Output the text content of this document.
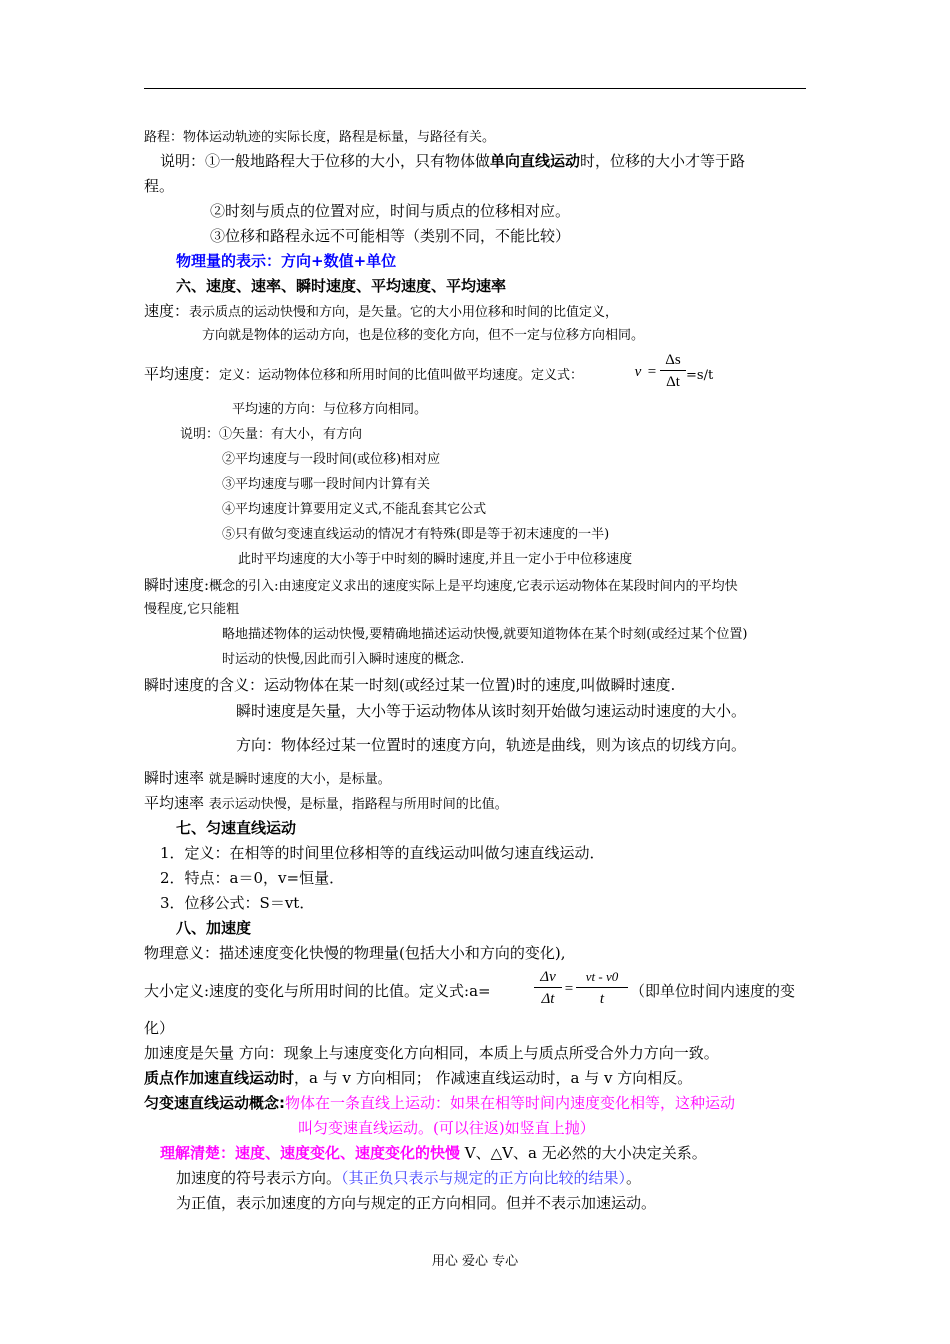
路程：物体运动轨迹的实际长度，路程是标量，与路径有关。
说明：①一般地路程大于位移的大小，只有物体做单向直线运动时，位移的大小才等于路
程。
②时刻与质点的位置对应，时间与质点的位移相对应。
③位移和路程永远不可能相等（类别不同，不能比较）
物理量的表示：方向+数值+单位
六、速度、速率、瞬时速度、平均速度、平均速率
速度：表示质点的运动快慢和方向，是矢量。它的大小用位移和时间的比值定义，
方向就是物体的运动方向，也是位移的变化方向，但不一定与位移方向相同。
平均速度：定义：运动物体位移和所用时间的比值叫做平均速度。定义式：	$v = \frac{\Delta s}{\Delta t} =s/t$
平均速的方向：与位移方向相同。
说明：①矢量：有大小，有方向
②平均速度与一段时间(或位移)相对应
③平均速度与哪一段时间内计算有关
④平均速度计算要用定义式,不能乱套其它公式
⑤只有做匀变速直线运动的情况才有特殊(即是等于初末速度的一半)
此时平均速度的大小等于中时刻的瞬时速度,并且一定小于中位移速度
瞬时速度:概念的引入:由速度定义求出的速度实际上是平均速度,它表示运动物体在某段时间内的平均快
慢程度,它只能粗
略地描述物体的运动快慢,要精确地描述运动快慢,就要知道物体在某个时刻(或经过某个位置)
时运动的快慢,因此而引入瞬时速度的概念.
瞬时速度的含义：运动物体在某一时刻(或经过某一位置)时的速度,叫做瞬时速度.
瞬时速度是矢量，大小等于运动物体从该时刻开始做匀速运动时速度的大小。
方向：物体经过某一位置时的速度方向，轨迹是曲线，则为该点的切线方向。
瞬时速率 就是瞬时速度的大小，是标量。
平均速率 表示运动快慢，是标量，指路程与所用时间的比值。
七、匀速直线运动
1．定义：在相等的时间里位移相等的直线运动叫做匀速直线运动．
2．特点：a＝0，v=恒量．
3．位移公式：S＝vt．
八、加速度
物理意义：描述速度变化快慢的物理量(包括大小和方向的变化),
大小定义:速度的变化与所用时间的比值。定义式:a=	$\frac{\Delta v}{\Delta t} = \frac{vt - v0}{t}$ （即单位时间内速度的变
化）
加速度是矢量 方向：现象上与速度变化方向相同，本质上与质点所受合外力方向一致。
质点作加速直线运动时，a 与 v 方向相同； 作减速直线运动时，a 与 v 方向相反。
匀变速直线运动概念:物体在一条直线上运动：如果在相等时间内速度变化相等，这种运动
叫匀变速直线运动。(可以往返)如竖直上抛）
理解清楚：速度、速度变化、速度变化的快慢 V、△V、a 无必然的大小决定关系。
加速度的符号表示方向。（其正负只表示与规定的正方向比较的结果）。
为正值，表示加速度的方向与规定的正方向相同。但并不表示加速运动。
用心 爱心 专心
